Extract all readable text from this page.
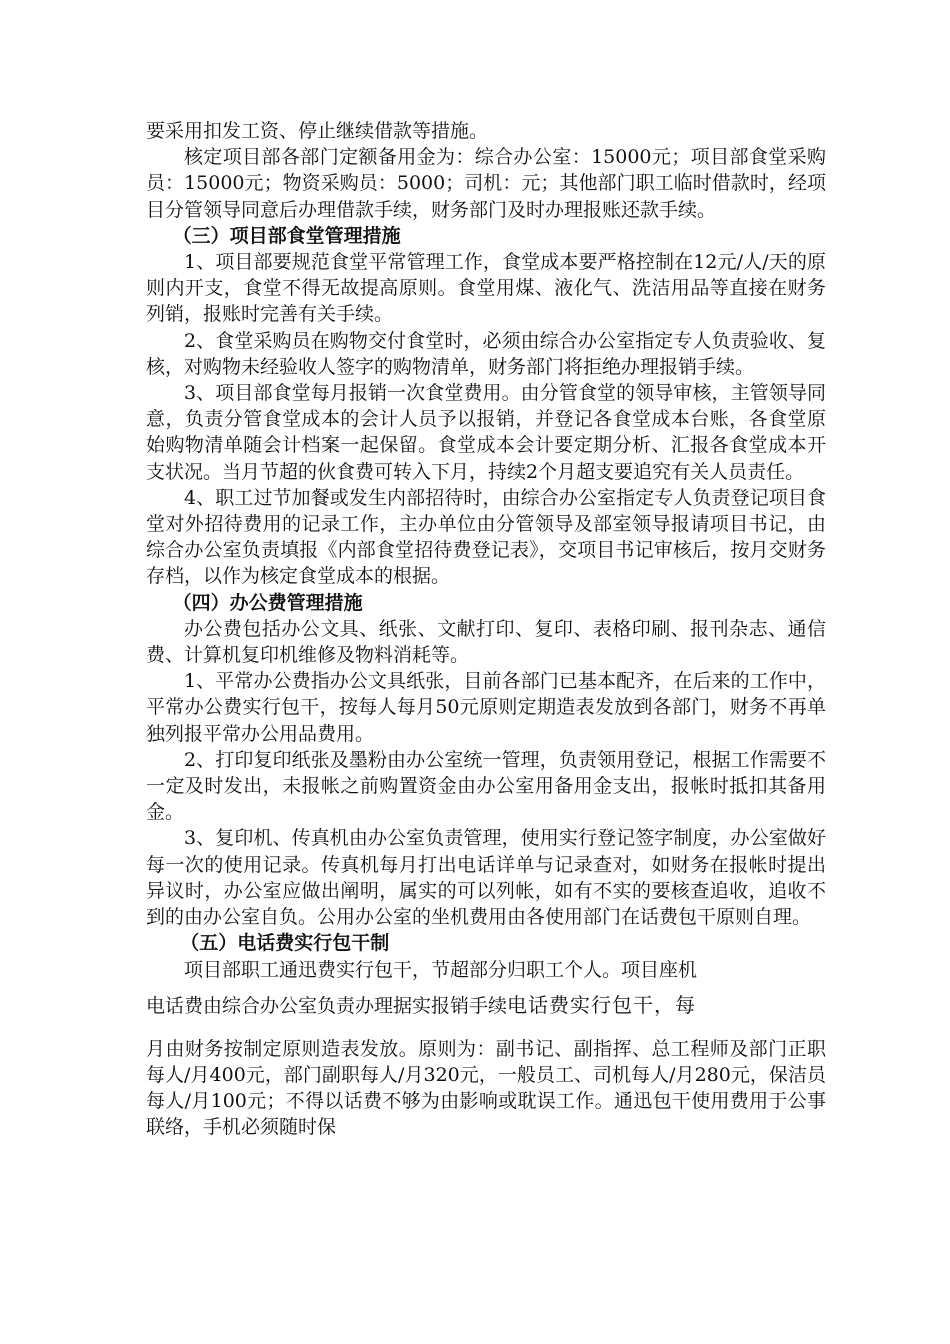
要采用扣发工资、停止继续借款等措施。

核定项目部各部门定额备用金为：综合办公室：15000元；项目部食堂采购员：15000元；物资采购员：5000；司机：元；其他部门职工临时借款时，经项目分管领导同意后办理借款手续，财务部门及时办理报账还款手续。

（三）项目部食堂管理措施

1、项目部要规范食堂平常管理工作，食堂成本要严格控制在12元/人/天的原则内开支，食堂不得无故提高原则。食堂用煤、液化气、洗洁用品等直接在财务列销，报账时完善有关手续。

2、食堂采购员在购物交付食堂时，必须由综合办公室指定专人负责验收、复核，对购物未经验收人签字的购物清单，财务部门将拒绝办理报销手续。

3、项目部食堂每月报销一次食堂费用。由分管食堂的领导审核，主管领导同意，负责分管食堂成本的会计人员予以报销，并登记各食堂成本台账，各食堂原始购物清单随会计档案一起保留。食堂成本会计要定期分析、汇报各食堂成本开支状况。当月节超的伙食费可转入下月，持续2个月超支要追究有关人员责任。

4、职工过节加餐或发生内部招待时，由综合办公室指定专人负责登记项目食堂对外招待费用的记录工作，主办单位由分管领导及部室领导报请项目书记，由综合办公室负责填报《内部食堂招待费登记表》，交项目书记审核后，按月交财务存档，以作为核定食堂成本的根据。

（四）办公费管理措施

办公费包括办公文具、纸张、文献打印、复印、表格印刷、报刊杂志、通信费、计算机复印机维修及物料消耗等。

1、平常办公费指办公文具纸张，目前各部门已基本配齐，在后来的工作中，平常办公费实行包干，按每人每月50元原则定期造表发放到各部门，财务不再单独列报平常办公用品费用。

2、打印复印纸张及墨粉由办公室统一管理，负责领用登记，根据工作需要不一定及时发出，未报帐之前购置资金由办公室用备用金支出，报帐时抵扣其备用金。

3、复印机、传真机由办公室负责管理，使用实行登记签字制度，办公室做好每一次的使用记录。传真机每月打出电话详单与记录查对，如财务在报帐时提出异议时，办公室应做出阐明，属实的可以列帐，如有不实的要核查追收，追收不到的由办公室自负。公用办公室的坐机费用由各使用部门在话费包干原则自理。

（五）电话费实行包干制

项目部职工通迅费实行包干，节超部分归职工个人。项目座机

电话费由综合办公室负责办理据实报销手续电话费实行包干，每

月由财务按制定原则造表发放。原则为：副书记、副指挥、总工程师及部门正职每人/月400元，部门副职每人/月320元，一般员工、司机每人/月280元，保洁员每人/月100元；不得以话费不够为由影响或耽误工作。通迅包干使用费用于公事联络，手机必须随时保
